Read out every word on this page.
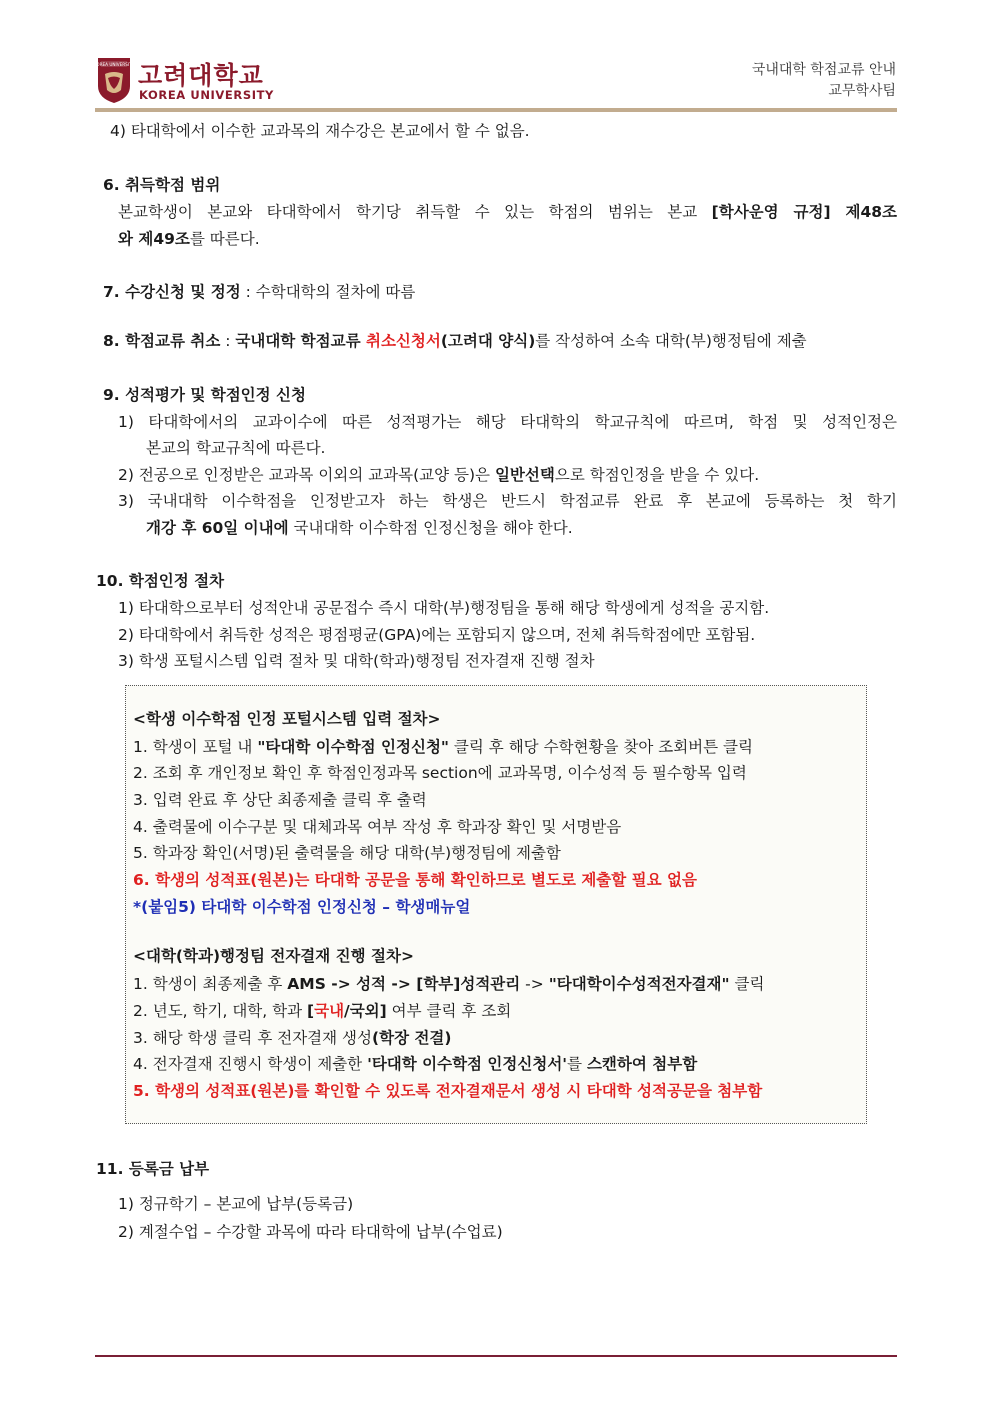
KOREA UNIVERSITY 고려대학교
KOREA UNIVERSITY
국내대학 학점교류 안내
교무학사팀
4) 타대학에서 이수한 교과목의 재수강은 본교에서 할 수 없음.
6. 취득학점 범위
본교학생이 본교와 타대학에서 학기당 취득할 수 있는 학점의 범위는 본교 [학사운영 규정] 제48조
와 제49조를 따른다.
7. 수강신청 및 정정 : 수학대학의 절차에 따름
8. 학점교류 취소 : 국내대학 학점교류 취소신청서(고려대 양식)를 작성하여 소속 대학(부)행정팀에 제출
9. 성적평가 및 학점인정 신청
1) 타대학에서의 교과이수에 따른 성적평가는 해당 타대학의 학교규칙에 따르며, 학점 및 성적인정은
본교의 학교규칙에 따른다.
2) 전공으로 인정받은 교과목 이외의 교과목(교양 등)은 일반선택으로 학점인정을 받을 수 있다.
3) 국내대학 이수학점을 인정받고자 하는 학생은 반드시 학점교류 완료 후 본교에 등록하는 첫 학기
개강 후 60일 이내에 국내대학 이수학점 인정신청을 해야 한다.
10. 학점인정 절차
1) 타대학으로부터 성적안내 공문접수 즉시 대학(부)행정팀을 통해 해당 학생에게 성적을 공지함.
2) 타대학에서 취득한 성적은 평점평균(GPA)에는 포함되지 않으며, 전체 취득학점에만 포함됨.
3) 학생 포털시스템 입력 절차 및 대학(학과)행정팀 전자결재 진행 절차
<학생 이수학점 인정 포털시스템 입력 절차>
1. 학생이 포털 내 "타대학 이수학점 인정신청" 클릭 후 해당 수학현황을 찾아 조회버튼 클릭
2. 조회 후 개인정보 확인 후 학점인정과목 section에 교과목명, 이수성적 등 필수항목 입력
3. 입력 완료 후 상단 최종제출 클릭 후 출력
4. 출력물에 이수구분 및 대체과목 여부 작성 후 학과장 확인 및 서명받음
5. 학과장 확인(서명)된 출력물을 해당 대학(부)행정팀에 제출함
6. 학생의 성적표(원본)는 타대학 공문을 통해 확인하므로 별도로 제출할 필요 없음
*(붙임5) 타대학 이수학점 인정신청 – 학생매뉴얼
<대학(학과)행정팀 전자결재 진행 절차>
1. 학생이 최종제출 후 AMS -> 성적 -> [학부]성적관리 -> "타대학이수성적전자결재" 클릭
2. 년도, 학기, 대학, 학과 [국내/국외] 여부 클릭 후 조회
3. 해당 학생 클릭 후 전자결재 생성(학장 전결)
4. 전자결재 진행시 학생이 제출한 '타대학 이수학점 인정신청서'를 스캔하여 첨부함
5. 학생의 성적표(원본)를 확인할 수 있도록 전자결재문서 생성 시 타대학 성적공문을 첨부함
11. 등록금 납부
1) 정규학기 – 본교에 납부(등록금)
2) 계절수업 – 수강할 과목에 따라 타대학에 납부(수업료)
